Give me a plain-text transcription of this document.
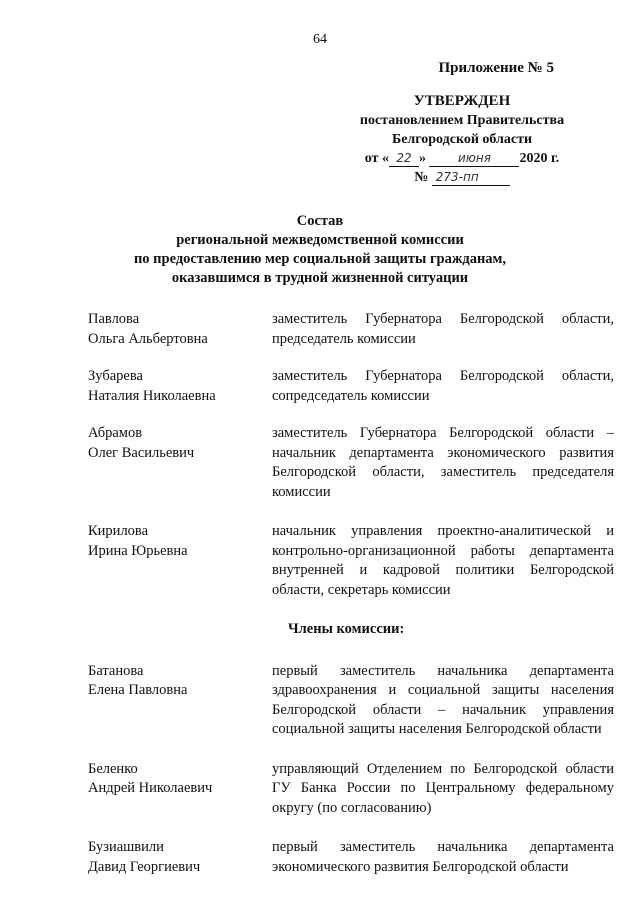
64
Приложение № 5
УТВЕРЖДЕН
постановлением Правительства
Белгородской области
от « 22 »	июня 2020 г.
№ 273-пп
Состав
региональной межведомственной комиссии
по предоставлению мер социальной защиты гражданам,
оказавшимся в трудной жизненной ситуации
Павлова
Ольга Альбертовна
заместитель Губернатора Белгородской области, председатель комиссии
Зубарева
Наталия Николаевна
заместитель Губернатора Белгородской области, сопредседатель комиссии
Абрамов
Олег Васильевич
заместитель Губернатора Белгородской области – начальник департамента экономического развития Белгородской области, заместитель председателя комиссии
Кирилова
Ирина Юрьевна
начальник управления проектно-аналитической и контрольно-организационной работы департамента внутренней и кадровой политики Белгородской области, секретарь комиссии
Члены комиссии:
Батанова
Елена Павловна
первый заместитель начальника департамента здравоохранения и социальной защиты населения Белгородской области – начальник управления социальной защиты населения Белгородской области
Беленко
Андрей Николаевич
управляющий Отделением по Белгородской области ГУ Банка России по Центральному федеральному округу (по согласованию)
Бузиашвили
Давид Георгиевич
первый заместитель начальника департамента экономического развития Белгородской области
